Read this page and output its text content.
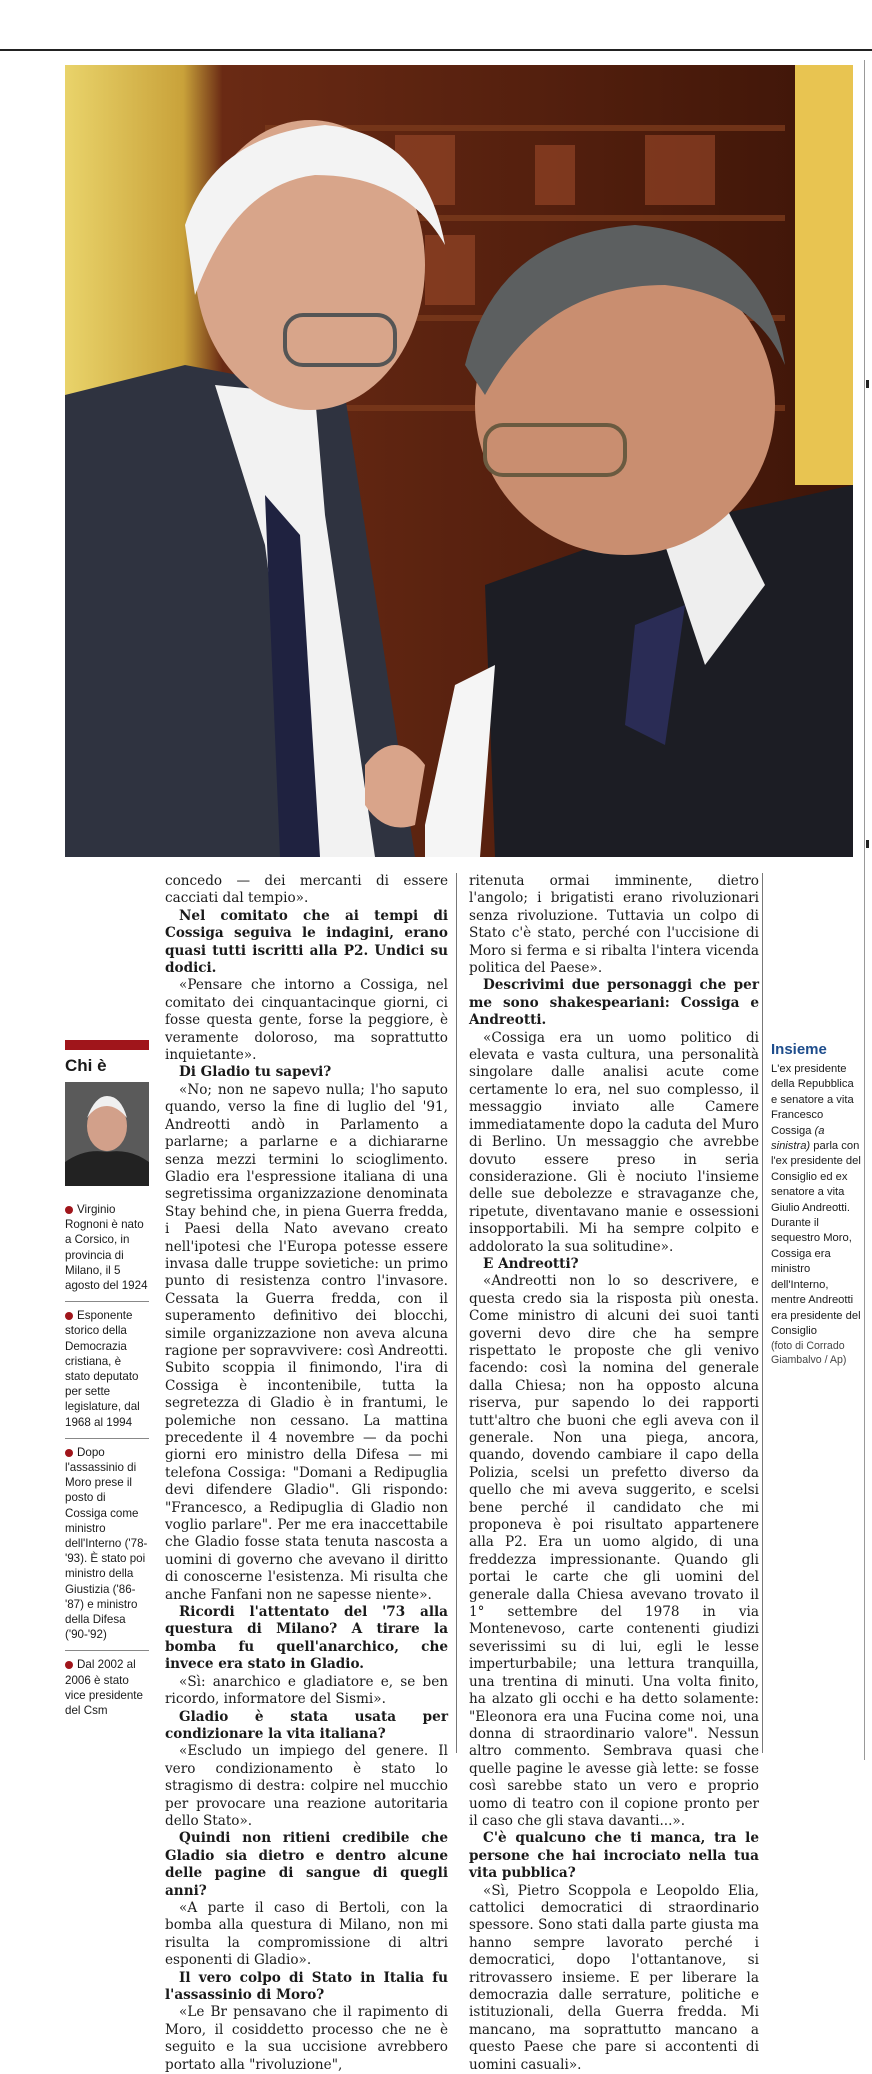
Chi è
Virginio Rognoni è nato a Corsico, in provincia di Milano, il 5 agosto del 1924
Esponente storico della Democrazia cristiana, è stato deputato per sette legislature, dal 1968 al 1994
Dopo l'assassinio di Moro prese il posto di Cossiga come ministro dell'Interno ('78-'93). È stato poi ministro della Giustizia ('86-'87) e ministro della Difesa ('90-'92)
Dal 2002 al 2006 è stato vice presidente del Csm

concedo — dei mercanti di essere cacciati dal tempio».

Nel comitato che ai tempi di Cossiga seguiva le indagini, erano quasi tutti iscritti alla P2. Undici su dodici.

«Pensare che intorno a Cossiga, nel comitato dei cinquantacinque giorni, ci fosse questa gente, forse la peggiore, è veramente doloroso, ma soprattutto inquietante».

Di Gladio tu sapevi?

«No; non ne sapevo nulla; l'ho saputo quando, verso la fine di luglio del '91, Andreotti andò in Parlamento a parlarne; a parlarne e a dichiararne senza mezzi termini lo scioglimento. Gladio era l'espressione italiana di una segretissima organizzazione denominata Stay behind che, in piena Guerra fredda, i Paesi della Nato avevano creato nell'ipotesi che l'Europa potesse essere invasa dalle truppe sovietiche: un primo punto di resistenza contro l'invasore. Cessata la Guerra fredda, con il superamento definitivo dei blocchi, simile organizzazione non aveva alcuna ragione per sopravvivere: così Andreotti. Subito scoppia il finimondo, l'ira di Cossiga è incontenibile, tutta la segretezza di Gladio è in frantumi, le polemiche non cessano. La mattina precedente il 4 novembre — da pochi giorni ero ministro della Difesa — mi telefona Cossiga: "Domani a Redipuglia devi difendere Gladio". Gli rispondo: "Francesco, a Redipuglia di Gladio non voglio parlare". Per me era inaccettabile che Gladio fosse stata tenuta nascosta a uomini di governo che avevano il diritto di conoscerne l'esistenza. Mi risulta che anche Fanfani non ne sapesse niente».

Ricordi l'attentato del '73 alla questura di Milano? A tirare la bomba fu quell'anarchico, che invece era stato in Gladio.

«Sì: anarchico e gladiatore e, se ben ricordo, informatore del Sismi».

Gladio è stata usata per condizionare la vita italiana?

«Escludo un impiego del genere. Il vero condizionamento è stato lo stragismo di destra: colpire nel mucchio per provocare una reazione autoritaria dello Stato».

Quindi non ritieni credibile che Gladio sia dietro e dentro alcune delle pagine di sangue di quegli anni?

«A parte il caso di Bertoli, con la bomba alla questura di Milano, non mi risulta la compromissione di altri esponenti di Gladio».

Il vero colpo di Stato in Italia fu l'assassinio di Moro?

«Le Br pensavano che il rapimento di Moro, il cosiddetto processo che ne è seguito e la sua uccisione avrebbero portato alla "rivoluzione",

ritenuta ormai imminente, dietro l'angolo; i brigatisti erano rivoluzionari senza rivoluzione. Tuttavia un colpo di Stato c'è stato, perché con l'uccisione di Moro si ferma e si ribalta l'intera vicenda politica del Paese».

Descrivimi due personaggi che per me sono shakespeariani: Cossiga e Andreotti.

«Cossiga era un uomo politico di elevata e vasta cultura, una personalità singolare dalle analisi acute come certamente lo era, nel suo complesso, il messaggio inviato alle Camere immediatamente dopo la caduta del Muro di Berlino. Un messaggio che avrebbe dovuto essere preso in seria considerazione. Gli è nociuto l'insieme delle sue debolezze e stravaganze che, ripetute, diventavano manie e ossessioni insopportabili. Mi ha sempre colpito e addolorato la sua solitudine».

E Andreotti?

«Andreotti non lo so descrivere, e questa credo sia la risposta più onesta. Come ministro di alcuni dei suoi tanti governi devo dire che ha sempre rispettato le proposte che gli venivo facendo: così la nomina del generale dalla Chiesa; non ha opposto alcuna riserva, pur sapendo lo dei rapporti tutt'altro che buoni che egli aveva con il generale. Non una piega, ancora, quando, dovendo cambiare il capo della Polizia, scelsi un prefetto diverso da quello che mi aveva suggerito, e scelsi bene perché il candidato che mi proponeva è poi risultato appartenere alla P2. Era un uomo algido, di una freddezza impressionante. Quando gli portai le carte che gli uomini del generale dalla Chiesa avevano trovato il 1° settembre del 1978 in via Montenevoso, carte contenenti giudizi severissimi su di lui, egli le lesse imperturbabile; una lettura tranquilla, una trentina di minuti. Una volta finito, ha alzato gli occhi e ha detto solamente: "Eleonora era una Fucina come noi, una donna di straordinario valore". Nessun altro commento. Sembrava quasi che quelle pagine le avesse già lette: se fosse così sarebbe stato un vero e proprio uomo di teatro con il copione pronto per il caso che gli stava davanti...».

C'è qualcuno che ti manca, tra le persone che hai incrociato nella tua vita pubblica?

«Sì, Pietro Scoppola e Leopoldo Elia, cattolici democratici di straordinario spessore. Sono stati dalla parte giusta ma hanno sempre lavorato perché i democratici, dopo l'ottantanove, si ritrovassero insieme. E per liberare la democrazia dalle serrature, politiche e istituzionali, della Guerra fredda. Mi mancano, ma soprattutto mancano a questo Paese che pare si accontenti di uomini casuali».

Insieme
L'ex presidente della Repubblica e senatore a vita Francesco Cossiga (a sinistra) parla con l'ex presidente del Consiglio ed ex senatore a vita Giulio Andreotti. Durante il sequestro Moro, Cossiga era ministro dell'Interno, mentre Andreotti era presidente del Consiglio
(foto di Corrado Giambalvo / Ap)
